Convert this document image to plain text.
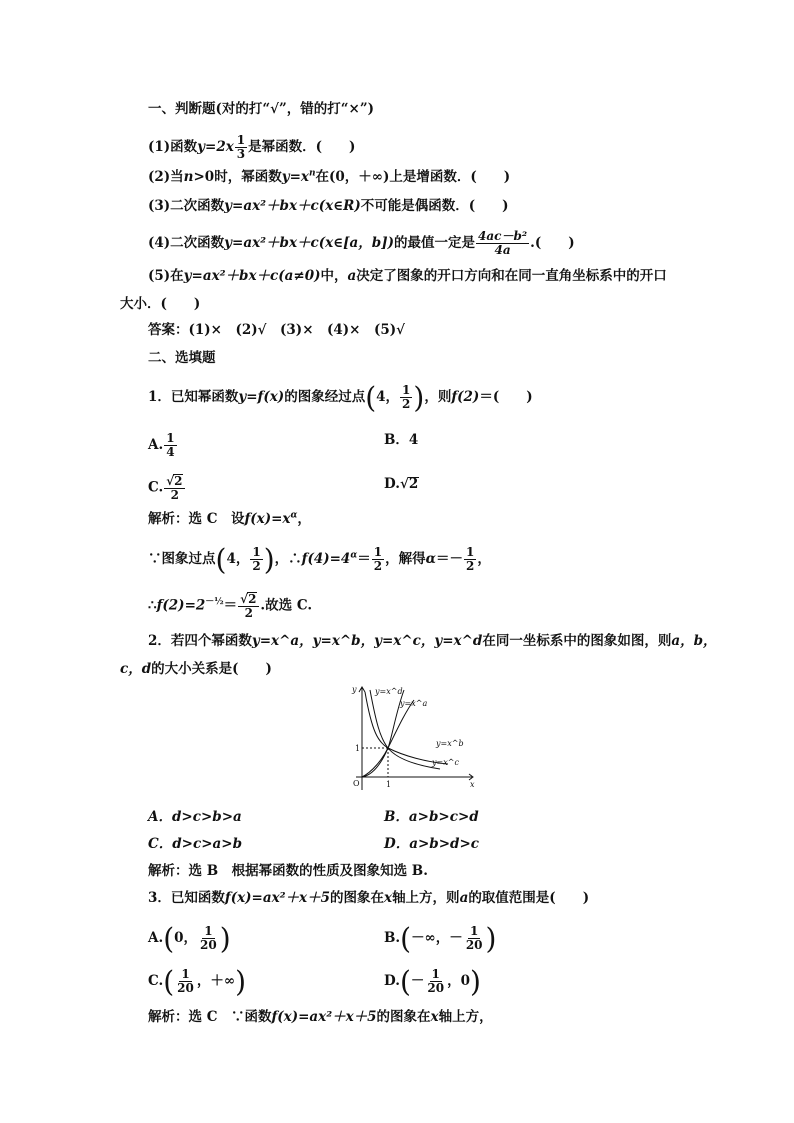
一、判断题(对的打“√”，错的打“×”)
(1)函数$y=2x \frac{1}{3}$ 是幂函数．(　　)
(2)当n>0时，幂函数$y=x^n$在(0，＋∞)上是增函数．(　　)
(3)二次函数y=ax²＋bx＋c(x∈R)不可能是偶函数．(　　)
(4)二次函数y=ax²＋bx＋c(x∈[a，b])的最值一定是 $\frac{\text{4ac－b²}}{4a}$ .(　　)
(5)在y=ax²＋bx＋c(a≠0)中，a决定了图象的开口方向和在同一直角坐标系中的开口
大小．(　　)
答案：(1)×　(2)√　(3)×　(4)×　(5)√
二、选填题
1．已知幂函数y=f(x)的图象经过点(4， $\frac{1}{2}$ )，则f(2)＝(　　)
A. $\frac{1}{4}$	B．4
C. $\frac{√2}{2}$	D.√2
解析：选 C　设$f(x)=x^\alpha$，
∵图象过点(4， $\frac{1}{2}$ )，$\therefore f(4)=4^\alpha= \frac{1}{2}$ ，解得$\alpha=- \frac{1}{2}$ ，
$\therefore f(2)=2^{-\frac{1}{2}}= \frac{√2}{2}$ .故选 C.
2．若四个幂函数y=x^a，y=x^b，y=x^c，y=x^d在同一坐标系中的图象如图，则a，b，
c，d的大小关系是(　　)
y
x
O	1
1
y=x^d
y=x^a
y=x^b
y=x^c
A．d>c>b>a	B．a>b>c>d
C．d>c>a>b	D．a>b>d>c
解析：选 B　根据幂函数的性质及图象知选 B.
3．已知函数f(x)=ax²＋x＋5的图象在x轴上方，则a的取值范围是(　　)
A.(0， $\frac{1}{20}$ )	B.(－∞，－ $\frac{1}{20}$ )
$C.( \frac{1}{20}$ ，＋∞)	$D.(- \frac{1}{20}$ ，0)
解析：选 C　∵函数f(x)=ax²＋x＋5的图象在x轴上方，
